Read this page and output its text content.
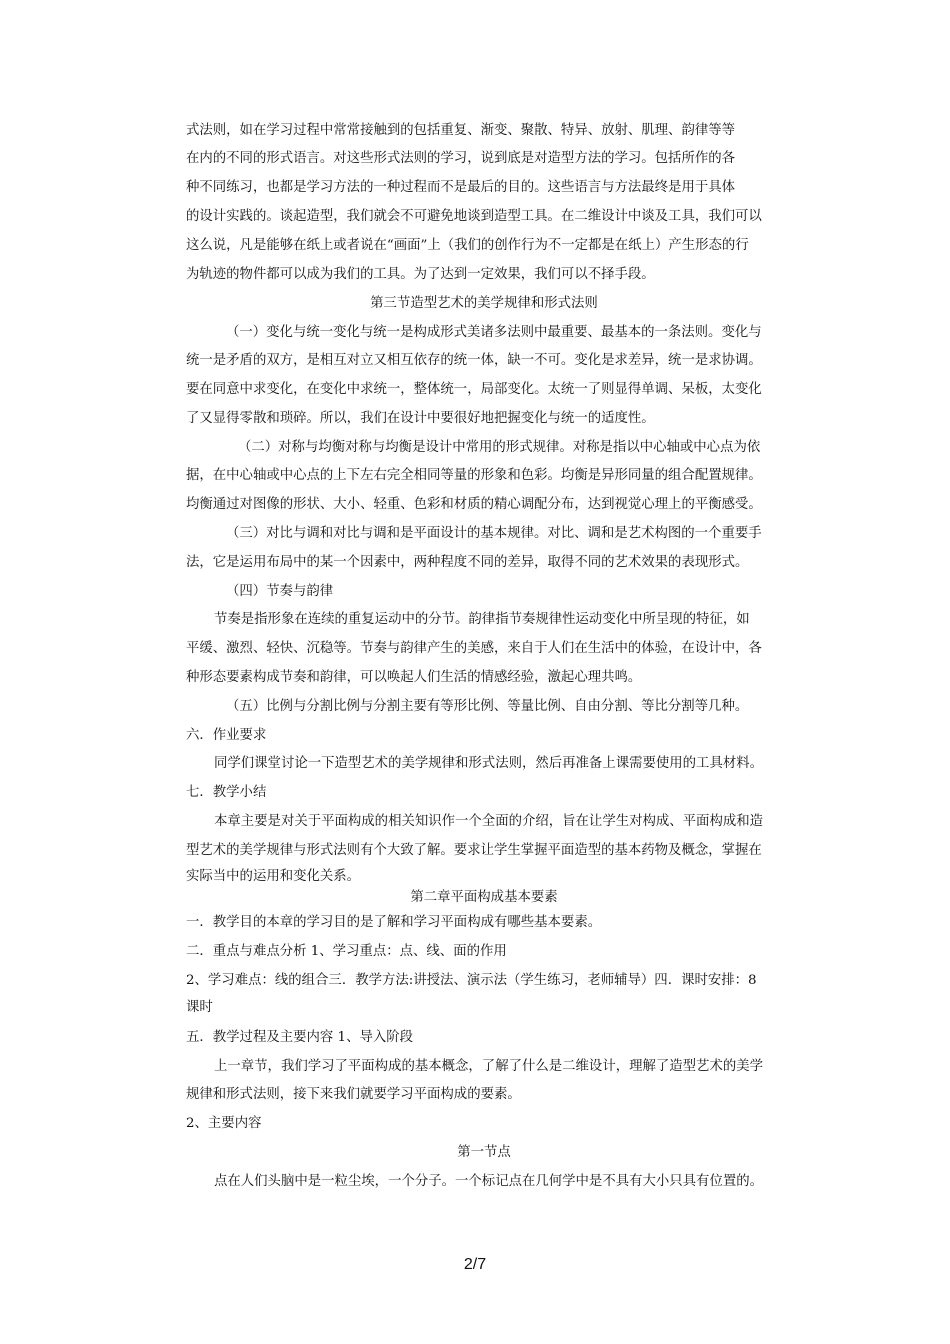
式法则，如在学习过程中常常接触到的包括重复、渐变、聚散、特异、放射、肌理、韵律等等
在内的不同的形式语言。对这些形式法则的学习，说到底是对造型方法的学习。包括所作的各
种不同练习，也都是学习方法的一种过程而不是最后的目的。这些语言与方法最终是用于具体
的设计实践的。谈起造型，我们就会不可避免地谈到造型工具。在二维设计中谈及工具，我们可以
这么说，凡是能够在纸上或者说在“画面”上（我们的创作行为不一定都是在纸上）产生形态的行
为轨迹的物件都可以成为我们的工具。为了达到一定效果，我们可以不择手段。
第三节造型艺术的美学规律和形式法则
（一）变化与统一变化与统一是构成形式美诸多法则中最重要、最基本的一条法则。变化与
统一是矛盾的双方，是相互对立又相互依存的统一体，缺一不可。变化是求差异，统一是求协调。
要在同意中求变化，在变化中求统一，整体统一，局部变化。太统一了则显得单调、呆板，太变化
了又显得零散和琐碎。所以，我们在设计中要很好地把握变化与统一的适度性。
（二）对称与均衡对称与均衡是设计中常用的形式规律。对称是指以中心轴或中心点为依
据，在中心轴或中心点的上下左右完全相同等量的形象和色彩。均衡是异形同量的组合配置规律。
均衡通过对图像的形状、大小、轻重、色彩和材质的精心调配分布，达到视觉心理上的平衡感受。
（三）对比与调和对比与调和是平面设计的基本规律。对比、调和是艺术构图的一个重要手
法，它是运用布局中的某一个因素中，两种程度不同的差异，取得不同的艺术效果的表现形式。
（四）节奏与韵律
节奏是指形象在连续的重复运动中的分节。韵律指节奏规律性运动变化中所呈现的特征，如
平缓、激烈、轻快、沉稳等。节奏与韵律产生的美感，来自于人们在生活中的体验，在设计中，各
种形态要素构成节奏和韵律，可以唤起人们生活的情感经验，激起心理共鸣。
（五）比例与分割比例与分割主要有等形比例、等量比例、自由分割、等比分割等几种。
六．作业要求
同学们课堂讨论一下造型艺术的美学规律和形式法则，然后再准备上课需要使用的工具材料。
七．教学小结
本章主要是对关于平面构成的相关知识作一个全面的介绍，旨在让学生对构成、平面构成和造
型艺术的美学规律与形式法则有个大致了解。要求让学生掌握平面造型的基本药物及概念，掌握在
实际当中的运用和变化关系。
第二章平面构成基本要素
一．教学目的本章的学习目的是了解和学习平面构成有哪些基本要素。
二．重点与难点分析 1、学习重点：点、线、面的作用
2、学习难点：线的组合三．教学方法:讲授法、演示法（学生练习，老师辅导）四．课时安排：8
课时
五．教学过程及主要内容 1、导入阶段
上一章节，我们学习了平面构成的基本概念，了解了什么是二维设计，理解了造型艺术的美学
规律和形式法则，接下来我们就要学习平面构成的要素。
2、主要内容
第一节点
点在人们头脑中是一粒尘埃，一个分子。一个标记点在几何学中是不具有大小只具有位置的。
2/7
